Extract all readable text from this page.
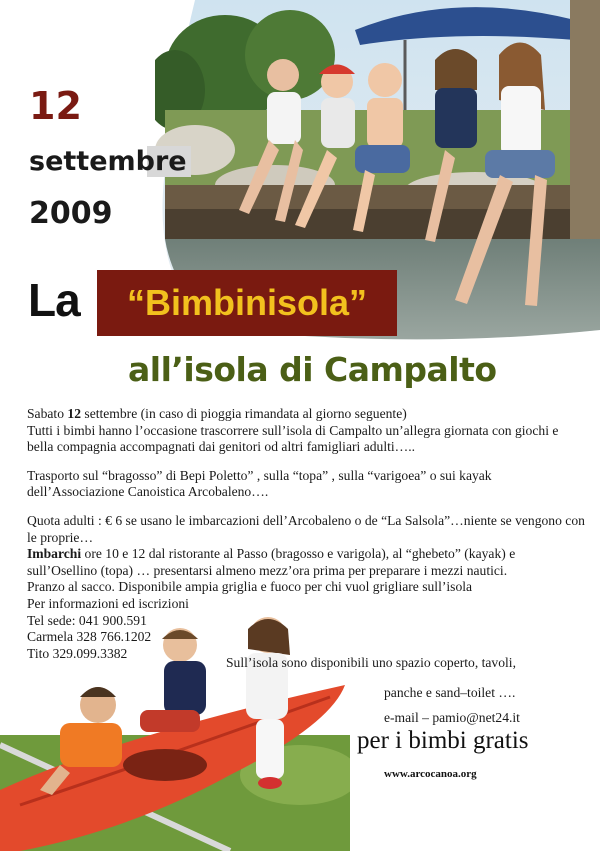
12
settembre
2009
La “Bimbinisola”
all’isola di Campalto

Sabato 12 settembre (in caso di pioggia rimandata al giorno seguente)

Tutti i bimbi hanno l’occasione trascorrere sull’isola di Campalto un’allegra giornata con giochi e bella compagnia accompagnati dai genitori od altri famigliari adulti…..

Trasporto sul “bragosso” di Bepi Poletto” , sulla “topa” , sulla “varigoea” o sui kayak dell’Associazione Canoistica Arcobaleno….

Quota adulti : € 6 se usano le imbarcazioni dell’Arcobaleno o de “La Salsola”…niente se vengono con le proprie…

Imbarchi ore 10 e 12 dal ristorante al Passo (bragosso e varigola), al “ghebeto” (kayak) e sull’Osellino (topa) … presentarsi almeno mezz’ora prima per preparare i mezzi nautici.

Pranzo al sacco. Disponibile ampia griglia e fuoco per chi vuol grigliare sull’isola

Per informazioni ed iscrizioni

Tel sede: 041 900.591

Carmela 328 766.1202

Tito 329.099.3382

Sull’isola sono disponibili uno spazio coperto, tavoli,
panche e sand–toilet ….
e-mail – pamio@net24.it
per i bimbi gratis
www.arcocanoa.org
